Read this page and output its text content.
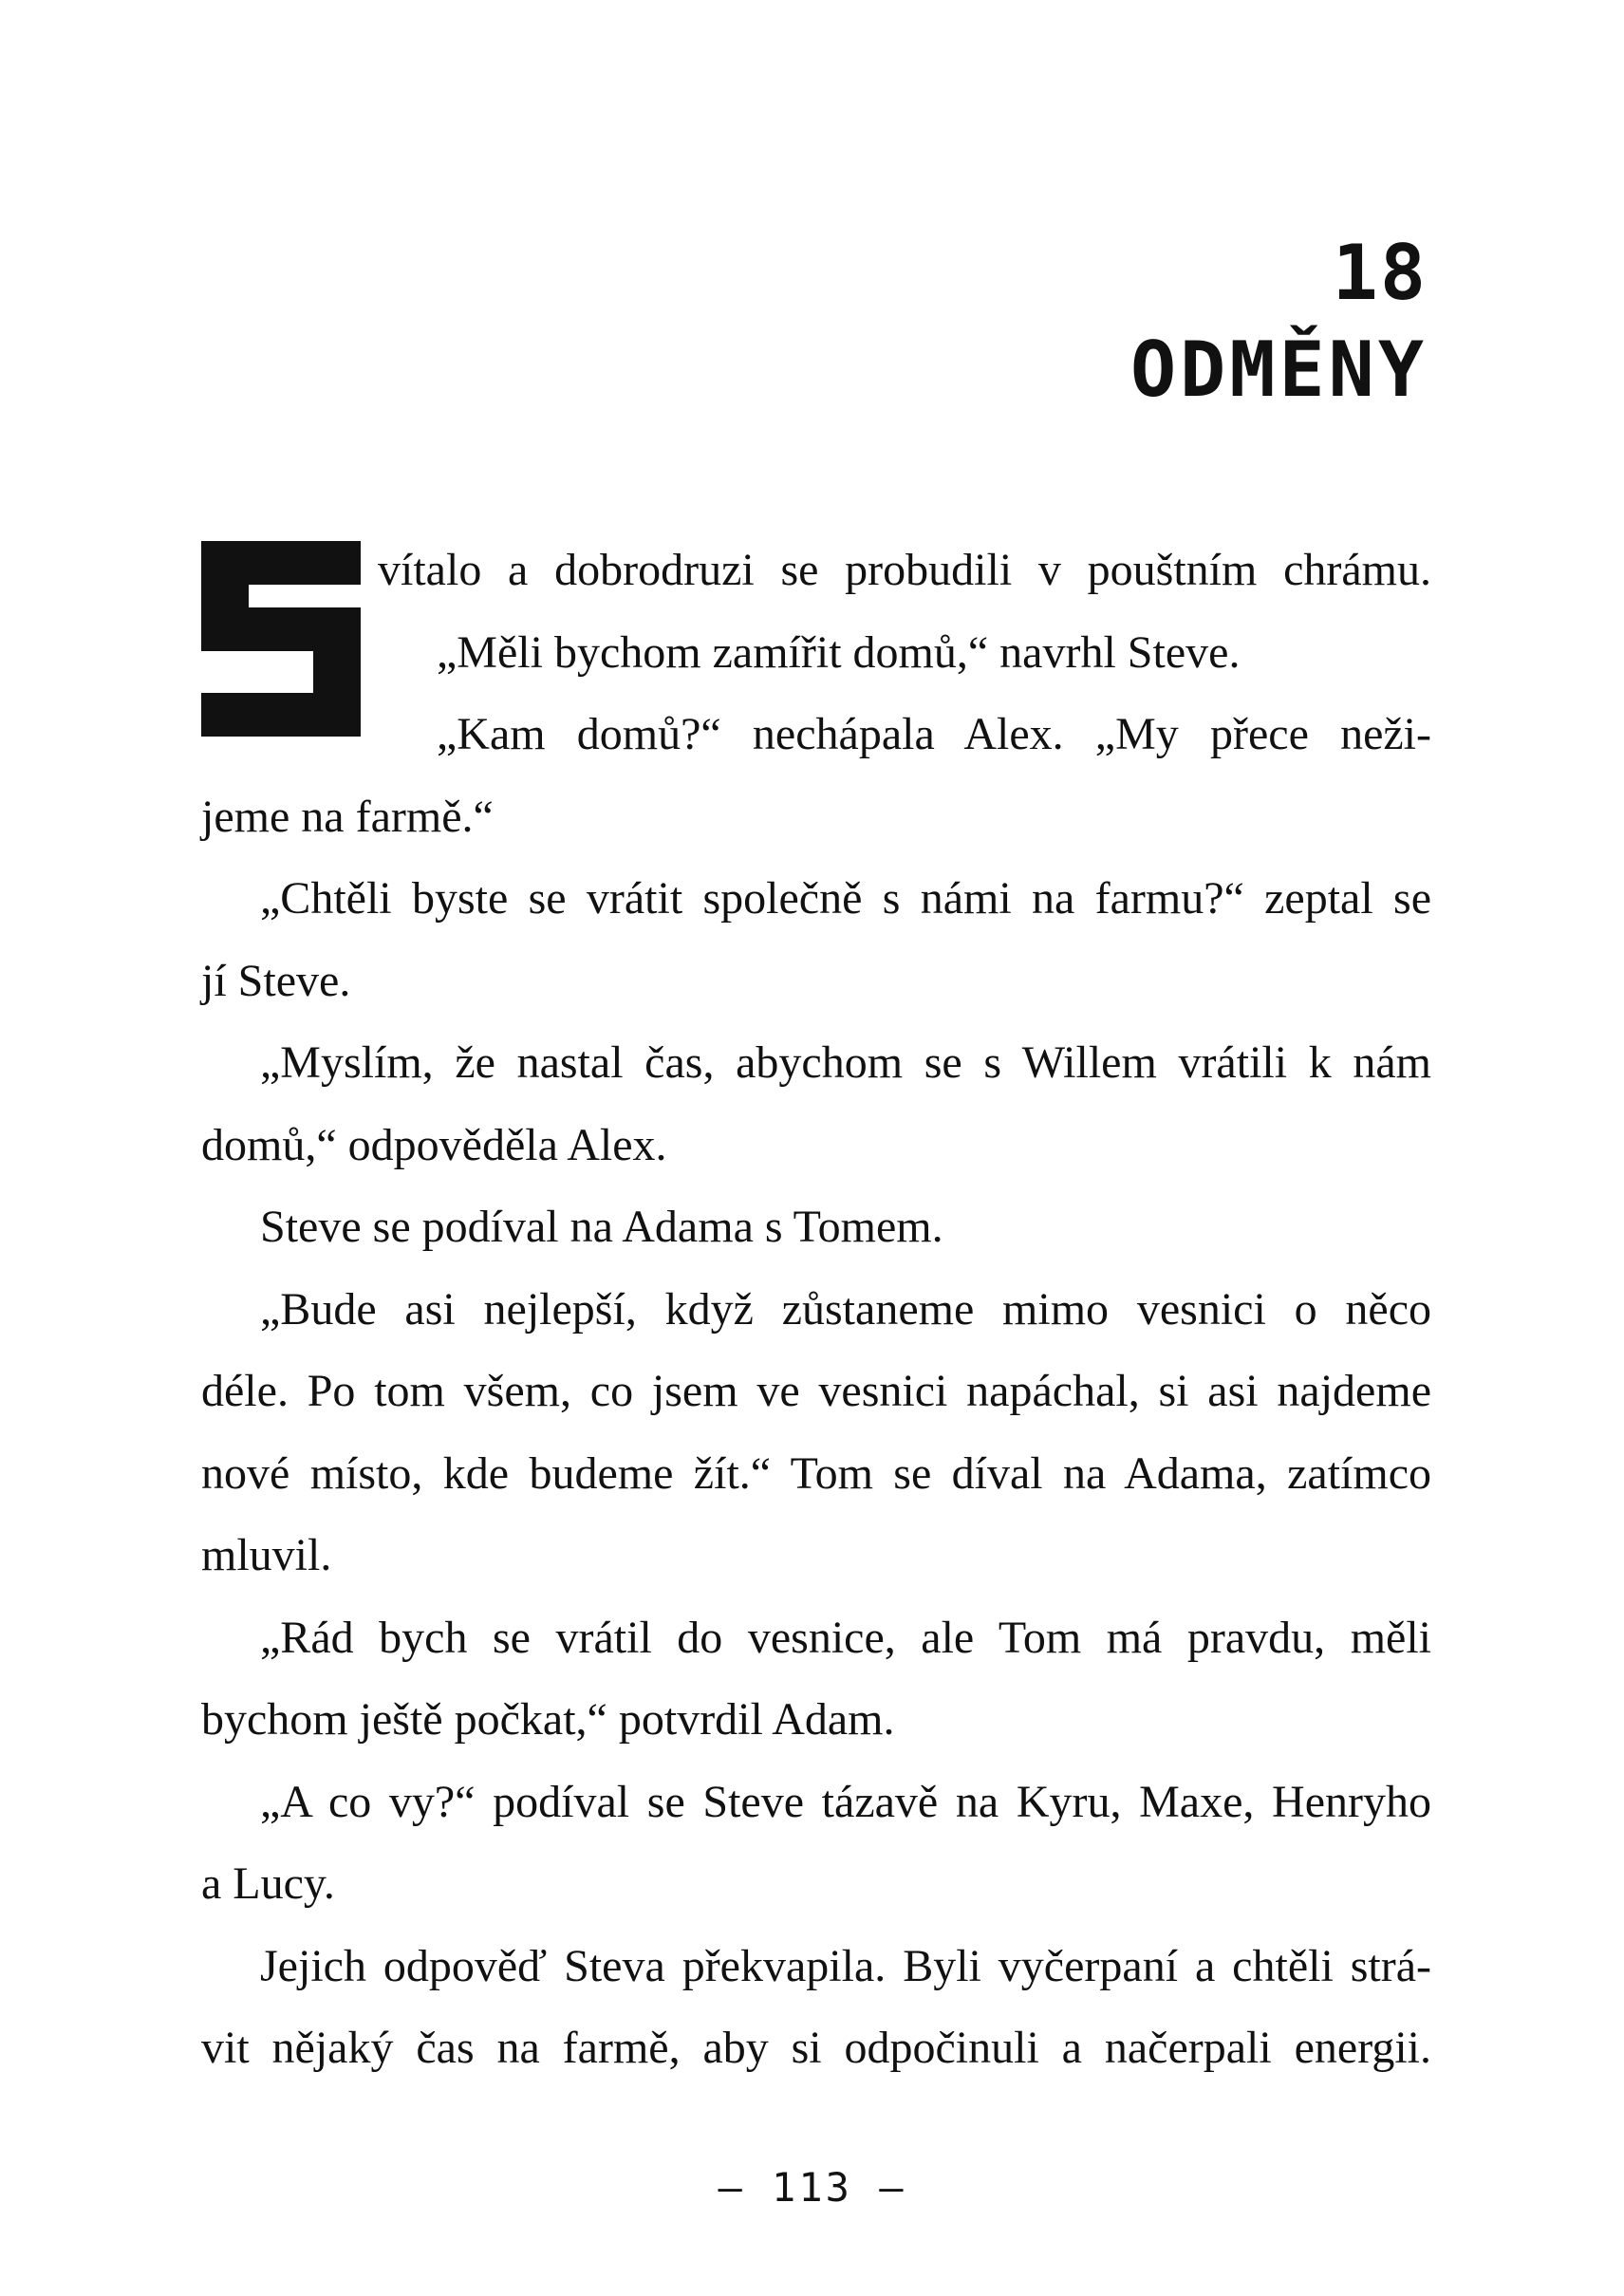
18
ODMĚNY
vítalo a dobrodruzi se probudili v pouštním chrámu.
„Měli bychom zamířit domů,“ navrhl Steve.
„Kam domů?“ nechápala Alex. „My přece neži-
jeme na farmě.“
„Chtěli byste se vrátit společně s námi na farmu?“ zeptal se
jí Steve.
„Myslím, že nastal čas, abychom se s Willem vrátili k nám
domů,“ odpověděla Alex.
Steve se podíval na Adama s Tomem.
„Bude asi nejlepší, když zůstaneme mimo vesnici o něco
déle. Po tom všem, co jsem ve vesnici napáchal, si asi najdeme
nové místo, kde budeme žít.“ Tom se díval na Adama, zatímco
mluvil.
„Rád bych se vrátil do vesnice, ale Tom má pravdu, měli
bychom ještě počkat,“ potvrdil Adam.
„A co vy?“ podíval se Steve tázavě na Kyru, Maxe, Henryho
a Lucy.
Jejich odpověď Steva překvapila. Byli vyčerpaní a chtěli strá-
vit nějaký čas na farmě, aby si odpočinuli a načerpali energii.
– 113 –
